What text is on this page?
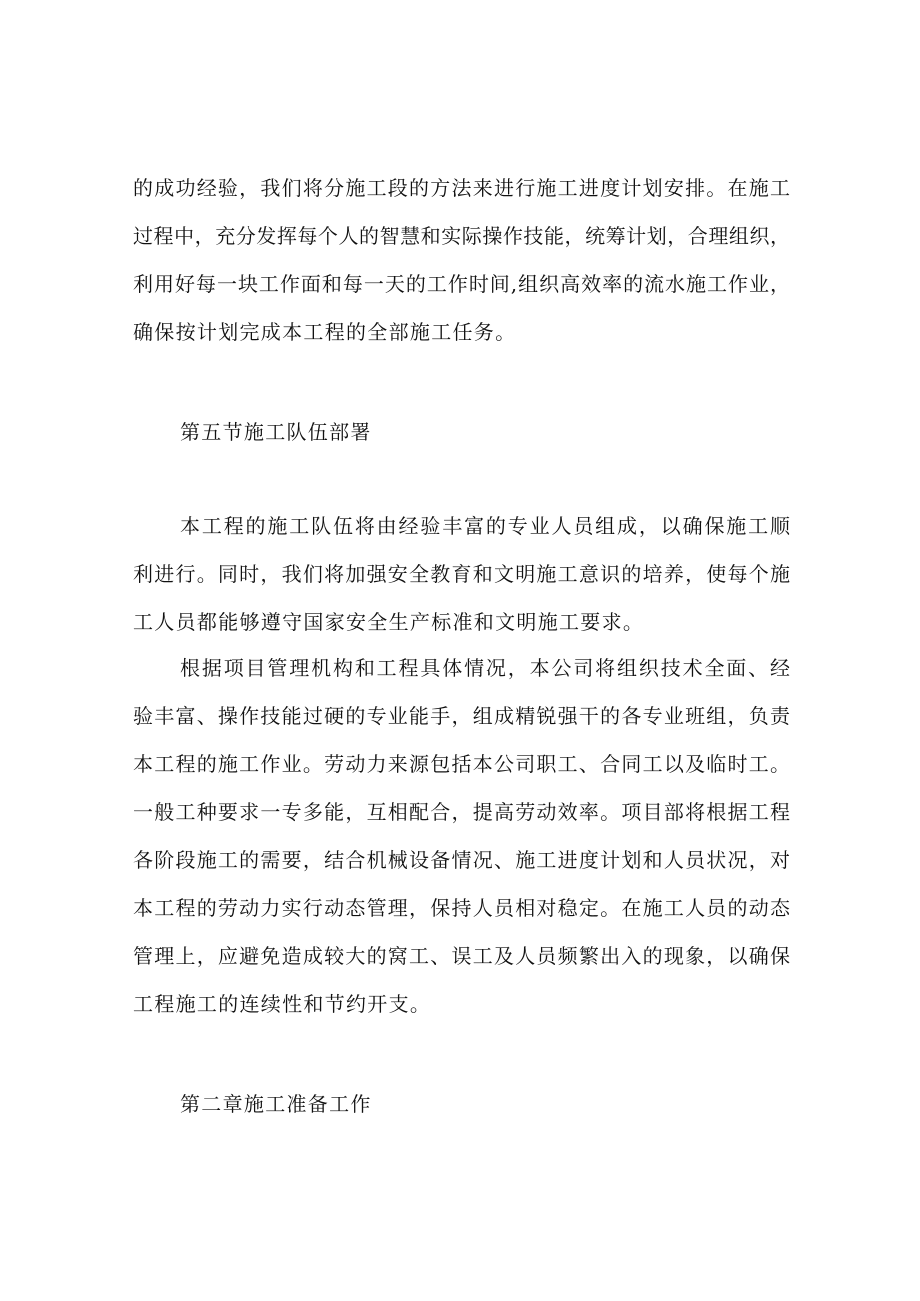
的成功经验，我们将分施工段的方法来进行施工进度计划安排。在施工
过程中，充分发挥每个人的智慧和实际操作技能，统筹计划，合理组织，
利用好每一块工作面和每一天的工作时间,组织高效率的流水施工作业，
确保按计划完成本工程的全部施工任务。
第五节施工队伍部署
本工程的施工队伍将由经验丰富的专业人员组成，以确保施工顺
利进行。同时，我们将加强安全教育和文明施工意识的培养，使每个施
工人员都能够遵守国家安全生产标准和文明施工要求。
根据项目管理机构和工程具体情况，本公司将组织技术全面、经
验丰富、操作技能过硬的专业能手，组成精锐强干的各专业班组，负责
本工程的施工作业。劳动力来源包括本公司职工、合同工以及临时工。
一般工种要求一专多能，互相配合，提高劳动效率。项目部将根据工程
各阶段施工的需要，结合机械设备情况、施工进度计划和人员状况，对
本工程的劳动力实行动态管理，保持人员相对稳定。在施工人员的动态
管理上，应避免造成较大的窝工、误工及人员频繁出入的现象，以确保
工程施工的连续性和节约开支。
第二章施工准备工作
